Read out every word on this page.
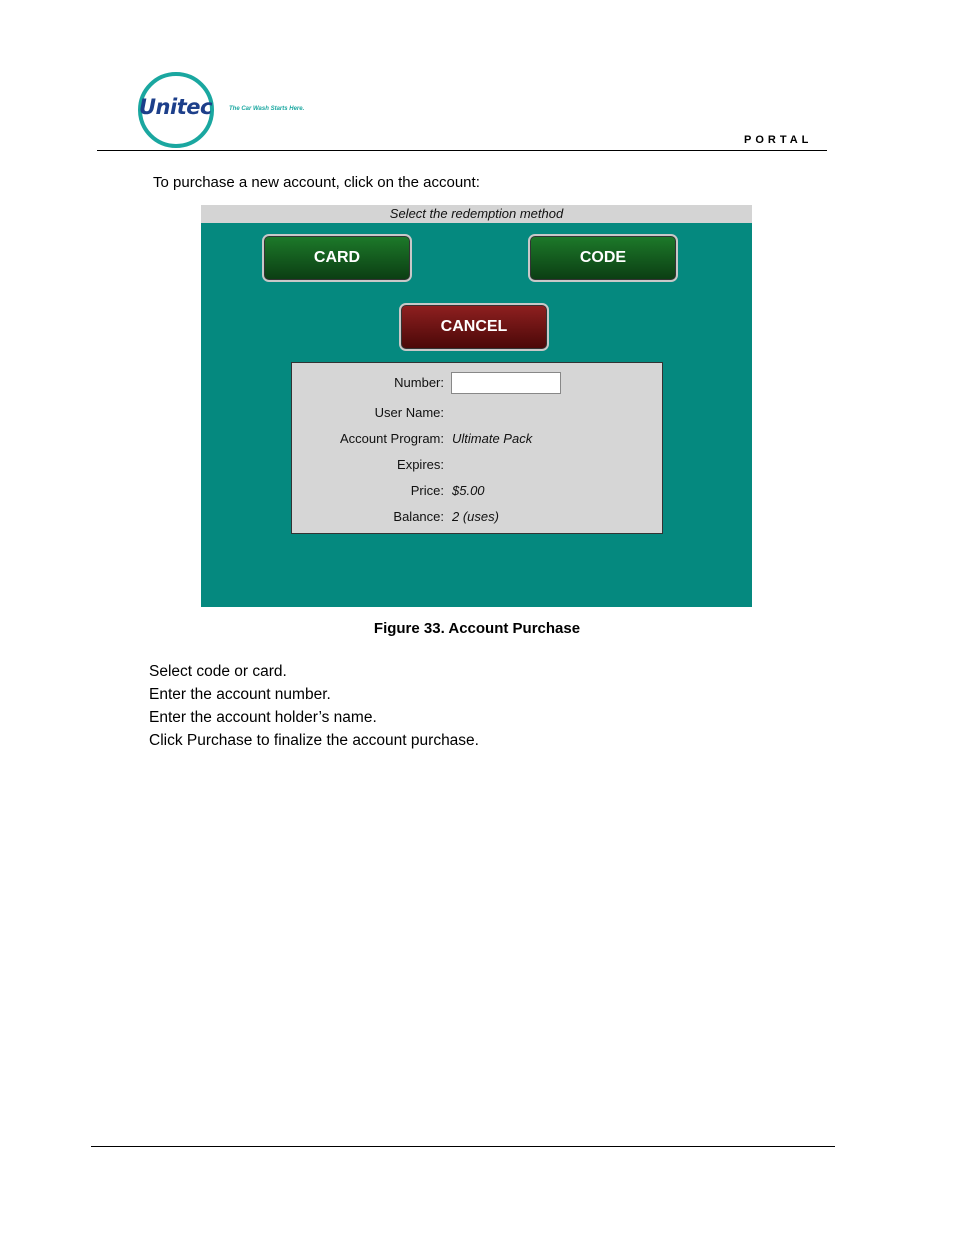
Unitec	The Car Wash Starts Here.
PORTAL
To purchase a new account, click on the account:
Select the redemption method
CARD	CODE
CANCEL
Number:
User Name:
Account Program: Ultimate Pack
Expires:
Price: $5.00
Balance: 2 (uses)
Figure 33. Account Purchase
Select code or card.
Enter the account number.
Enter the account holder’s name.
Click Purchase to finalize the account purchase.
